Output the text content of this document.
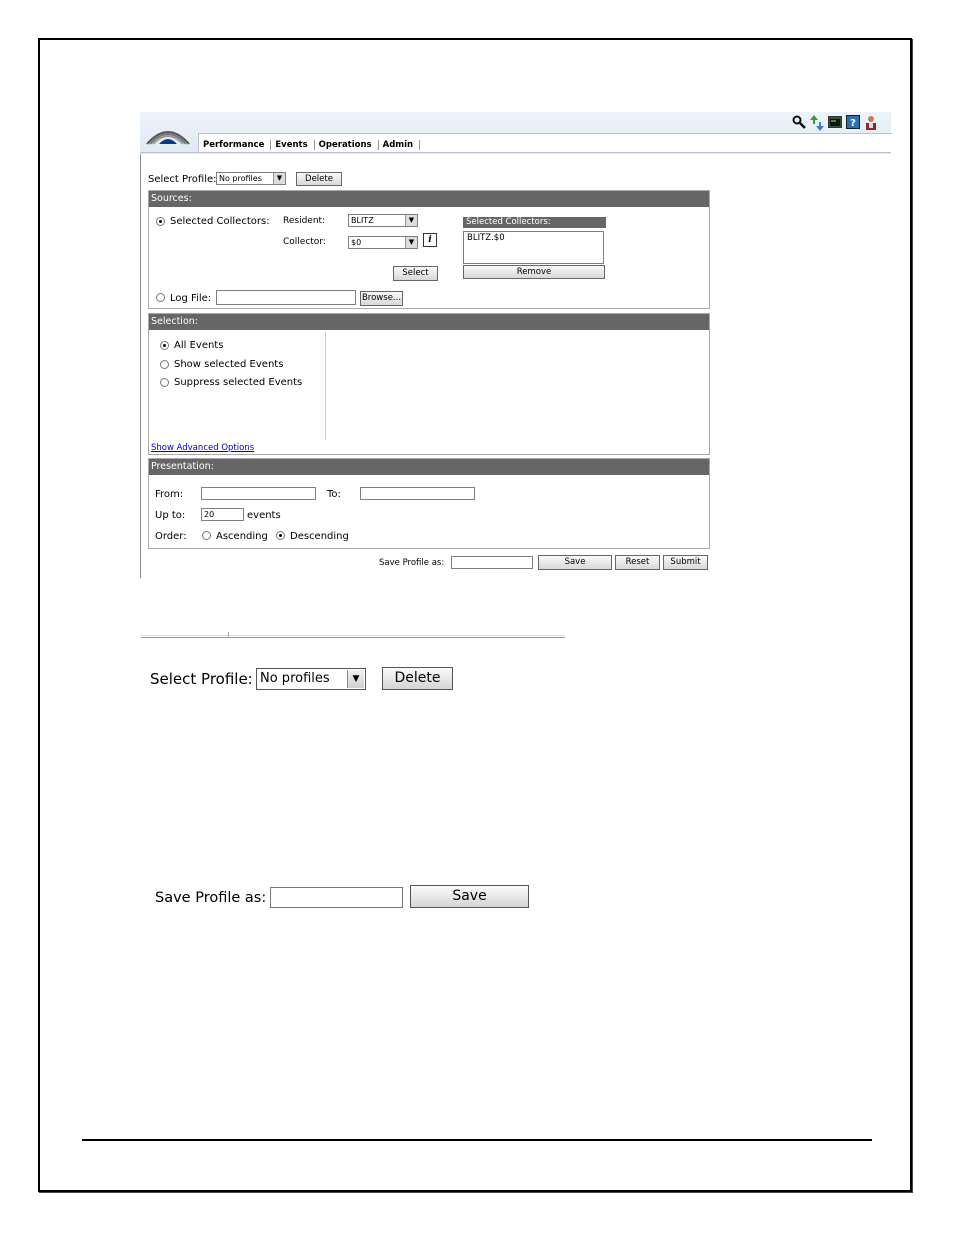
?
Performance	Events	Operations	Admin
Select Profile: No profiles	▼	Delete
Sources:
Selected Collectors: Resident:	BLITZ	▼
Collector:	$0	▼	i
Select
Selected Collectors:
BLITZ.$0
Remove
Log File:	Browse...
Selection:
All Events
Show selected Events
Suppress selected Events
Show Advanced Options
Presentation:
From:	To:
Up to:	20	events
Order:	Ascending Descending
Save Profile as:	Save	Reset	Submit
Select Profile: No profiles	▼	Delete
Save Profile as:	Save
